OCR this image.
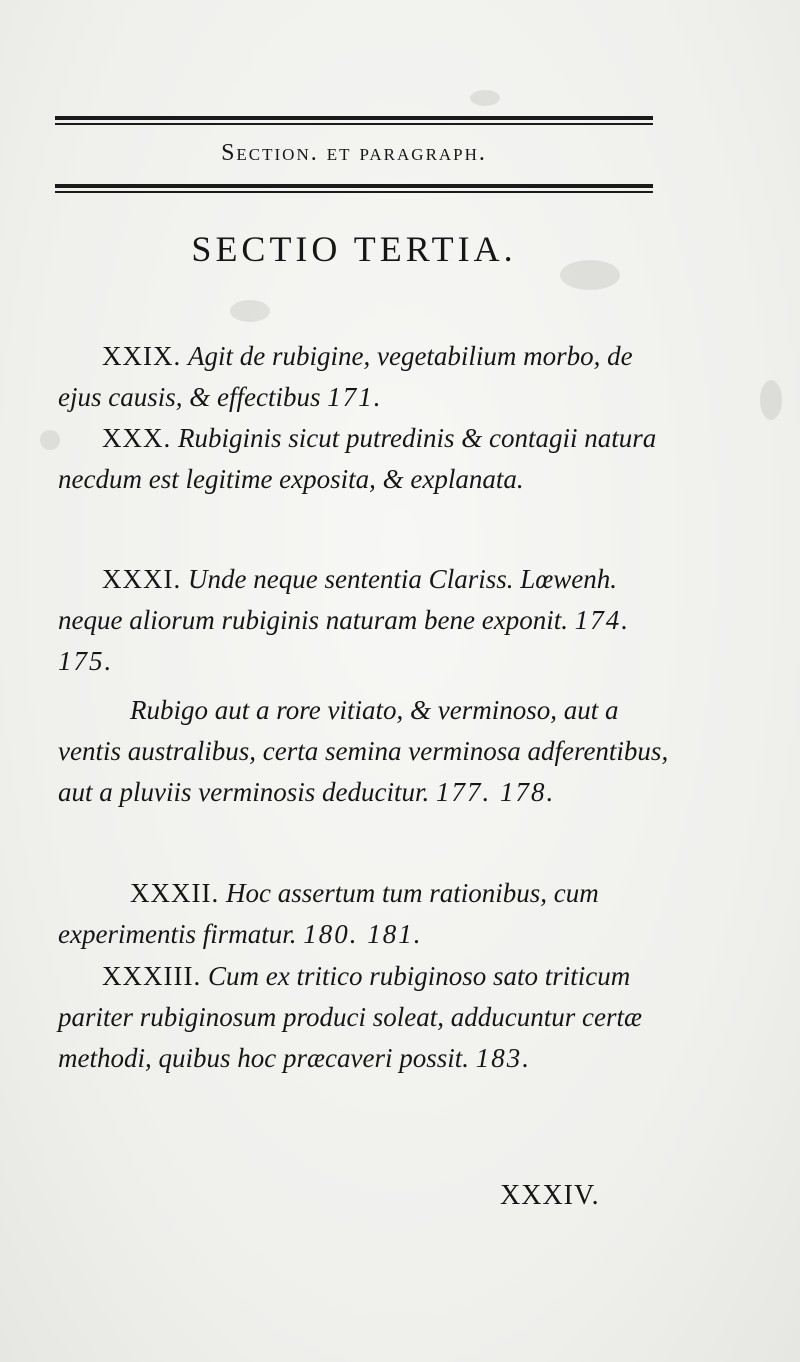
Section. et paragraph.
SECTIO TERTIA.
XXIX. Agit de rubigine, vegetabilium morbo, de ejus causis, & effectibus 171.
XXX. Rubiginis sicut putredinis & contagii natura necdum est legitime exposita, & explanata.
XXXI. Unde neque sententia Clariss. Lœwenh. neque aliorum rubiginis naturam bene exponit. 174. 175.
Rubigo aut a rore vitiato, & verminoso, aut a ventis australibus, certa semina verminosa adferentibus, aut a pluviis verminosis deducitur. 177. 178.
XXXII. Hoc assertum tum rationibus, cum experimentis firmatur. 180. 181.
XXXIII. Cum ex tritico rubiginoso sato triticum pariter rubiginosum produci soleat, adducuntur certæ methodi, quibus hoc præcaveri possit. 183.
XXXIV.
